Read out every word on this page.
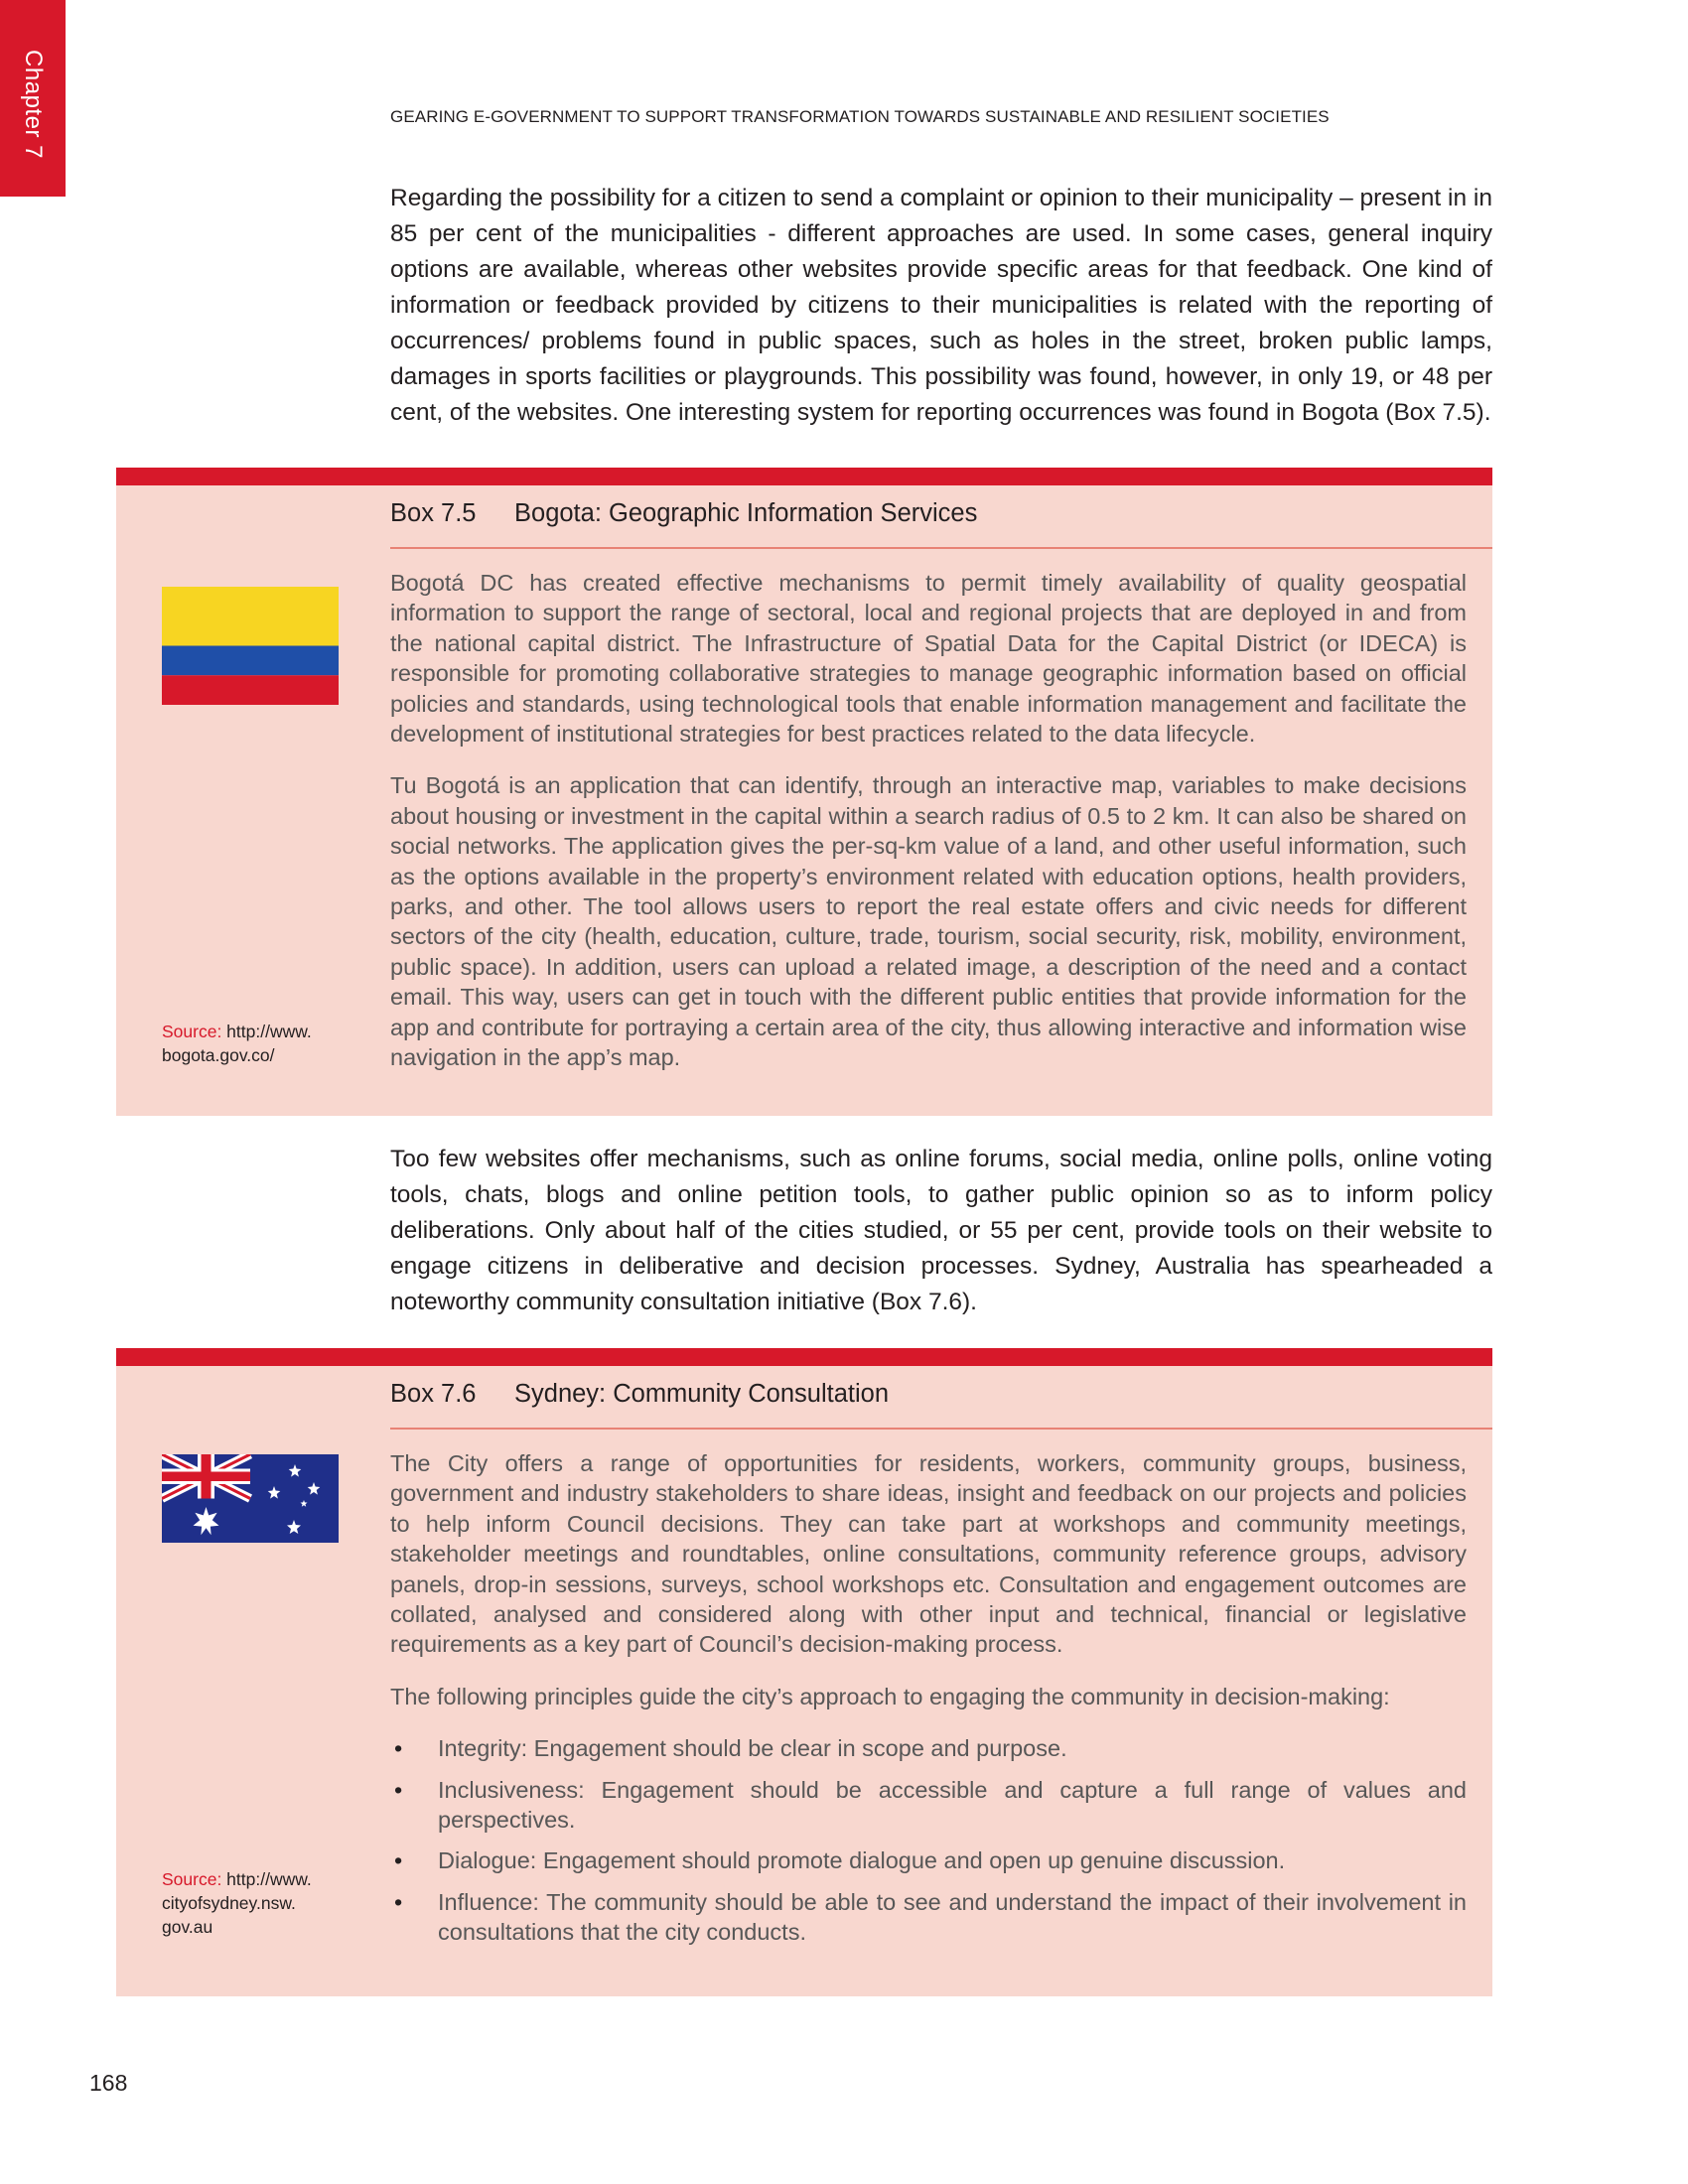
Chapter 7	GEARING E-GOVERNMENT TO SUPPORT TRANSFORMATION TOWARDS SUSTAINABLE AND RESILIENT SOCIETIES

Regarding the possibility for a citizen to send a complaint or opinion to their municipality – present in in 85 per cent of the municipalities - different approaches are used. In some cases, general inquiry options are available, whereas other websites provide specific areas for that feedback. One kind of information or feedback provided by citizens to their municipalities is related with the reporting of occurrences/ problems found in public spaces, such as holes in the street, broken public lamps, damages in sports facilities or playgrounds. This possibility was found, however, in only 19, or 48 per cent, of the websites. One interesting system for reporting occurrences was found in Bogota (Box 7.5).

Box 7.5 Bogota: Geographic Information Services
Source: http://www. bogota.gov.co/

Bogotá DC has created effective mechanisms to permit timely availability of quality geospatial information to support the range of sectoral, local and regional projects that are deployed in and from the national capital district. The Infrastructure of Spatial Data for the Capital District (or IDECA) is responsible for promoting collaborative strategies to manage geographic information based on official policies and standards, using technological tools that enable information management and facilitate the development of institutional strategies for best practices related to the data lifecycle.

Tu Bogotá is an application that can identify, through an interactive map, variables to make decisions about housing or investment in the capital within a search radius of 0.5 to 2 km. It can also be shared on social networks. The application gives the per-sq-km value of a land, and other useful information, such as the options available in the property’s environment related with education options, health providers, parks, and other. The tool allows users to report the real estate offers and civic needs for different sectors of the city (health, education, culture, trade, tourism, social security, risk, mobility, environment, public space). In addition, users can upload a related image, a description of the need and a contact email. This way, users can get in touch with the different public entities that provide information for the app and contribute for portraying a certain area of the city, thus allowing interactive and information wise navigation in the app’s map.

Too few websites offer mechanisms, such as online forums, social media, online polls, online voting tools, chats, blogs and online petition tools, to gather public opinion so as to inform policy deliberations. Only about half of the cities studied, or 55 per cent, provide tools on their website to engage citizens in deliberative and decision processes. Sydney, Australia has spearheaded a noteworthy community consultation initiative (Box 7.6).

Box 7.6 Sydney: Community Consultation
Source: http://www. cityofsydney.nsw. gov.au

The City offers a range of opportunities for residents, workers, community groups, business, government and industry stakeholders to share ideas, insight and feedback on our projects and policies to help inform Council decisions. They can take part at workshops and community meetings, stakeholder meetings and roundtables, online consultations, community reference groups, advisory panels, drop-in sessions, surveys, school workshops etc. Consultation and engagement outcomes are collated, analysed and considered along with other input and technical, financial or legislative requirements as a key part of Council’s decision-making process.

The following principles guide the city’s approach to engaging the community in decision-making:

• Integrity: Engagement should be clear in scope and purpose.
• Inclusiveness: Engagement should be accessible and capture a full range of values and perspectives.
• Dialogue: Engagement should promote dialogue and open up genuine discussion.
• Influence: The community should be able to see and understand the impact of their involvement in consultations that the city conducts.
168
